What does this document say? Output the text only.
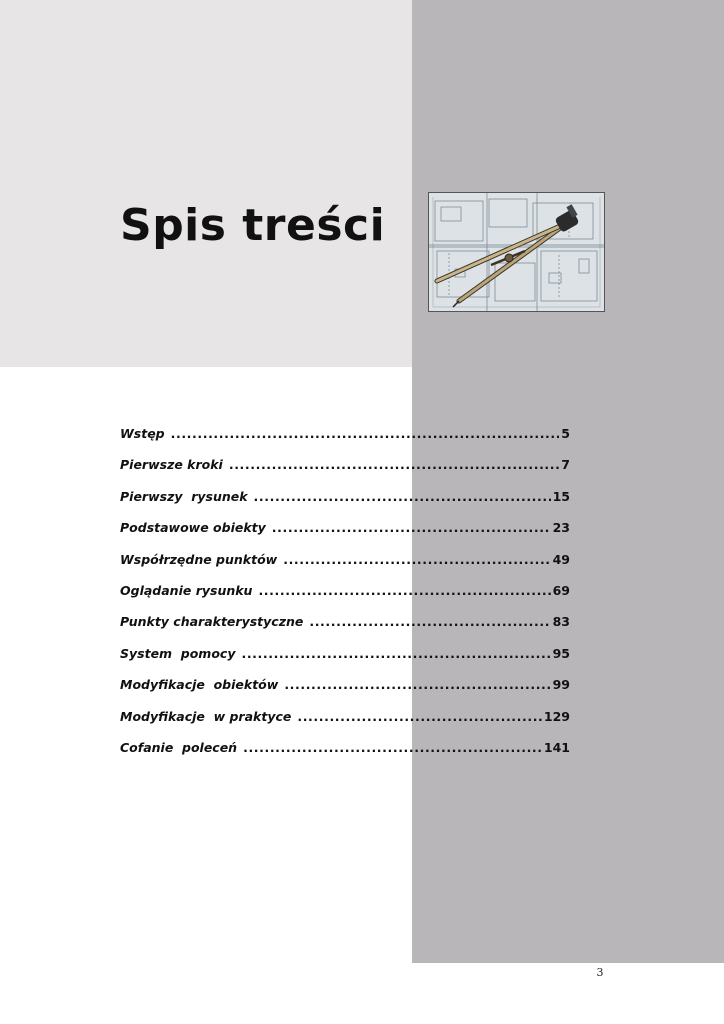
Spis treści
Wstęp .....	5
Pierwsze kroki .....	7
Pierwszy  rysunek .....	15
Podstawowe obiekty .....	23
Współrzędne punktów .....	49
Oglądanie rysunku .....	69
Punkty charakterystyczne .....	83
System  pomocy .....	95
Modyfikacje  obiektów .....	99
Modyfikacje  w praktyce .....	129
Cofanie  poleceń .....	141
3
